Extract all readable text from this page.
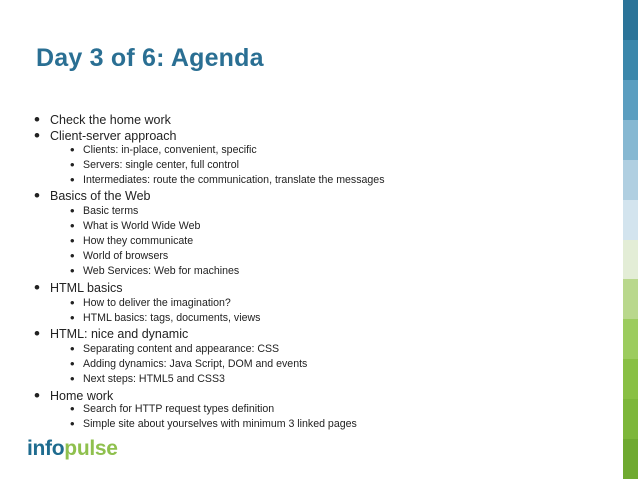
Day 3 of 6: Agenda
• Check the home work
• Client-server approach
• Clients: in-place, convenient, specific
• Servers: single center, full control
• Intermediates: route the communication, translate the messages
• Basics of the Web
• Basic terms
• What is World Wide Web
• How they communicate
• World of browsers
• Web Services: Web for machines
• HTML basics
• How to deliver the imagination?
• HTML basics: tags, documents, views
• HTML: nice and dynamic
• Separating content and appearance: CSS
• Adding dynamics: Java Script, DOM and events
• Next steps: HTML5 and CSS3
• Home work
• Search for HTTP request types definition
• Simple site about yourselves with minimum 3 linked pages
infopulse
